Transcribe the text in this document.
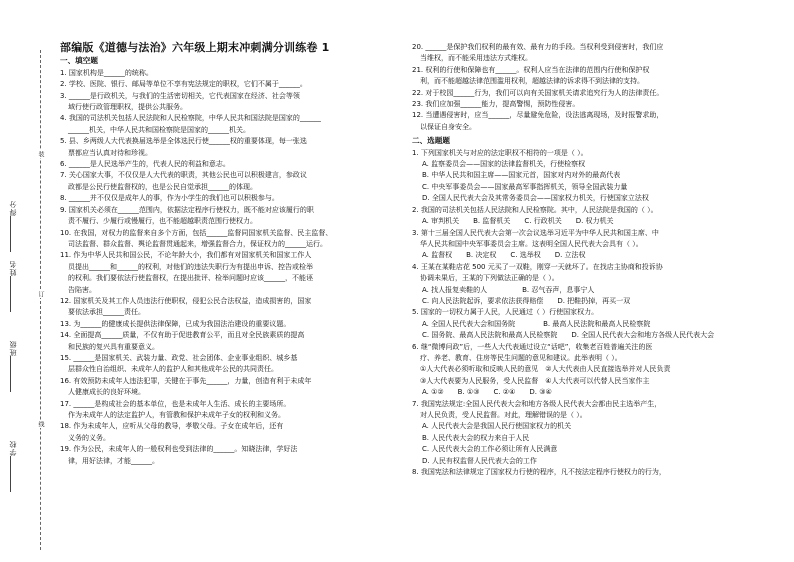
学校
班级
姓名
得分
装
订
线
部编版《道德与法治》六年级上期末冲刺满分训练卷 1
一、填空题
1. 国家机构是______的统称。
2. 学校、医院、银行、邮局等单位不享有宪法规定的职权，它们不属于______。
3. ______是行政机关，与我们的生活密切相关，它代表国家在经济、社会等领
域行使行政管理职权，提供公共服务。
4. 我国的司法机关包括人民法院和人民检察院，中华人民共和国法院是国家的______
______机关，中华人民共和国检察院是国家的______机关。
5. 县、乡两级人大代表换届选举是全体选民行使______权的重要体现，每一张选
票都应当认真对待和珍视。
6. ______是人民选举产生的，代表人民的利益和意志。
7. 关心国家大事，不仅仅是人大代表的职责，其他公民也可以积极建言，参政议
政都是公民行使监督权的，也是公民自觉承担______的体现。
8. ______并不仅仅是成年人的事，作为小学生的我们也可以积极参与。
9. 国家机关必须在______范围内，依据法定程序行使权力，既不能对应该履行的职
责不履行、少履行或慢履行，也不能超越职责范围行使权力。
10. 在我国，对权力的监督来自多个方面，包括______监督同国家机关监督、民主监督、
司法监督、群众监督、舆论监督贯通起来，增强监督合力，保证权力的______运行。
11. 作为中华人民共和国公民，不论年龄大小，我们都有对国家机关和国家工作人
员提出______和______的权利，对他们的违法失职行为有提出申诉、控告或检举
的权利。我们要依法行使监督权，在提出批评、检举问题时应该______，不能诬
告陷害。
12. 国家机关及其工作人员违法行使职权，侵犯公民合法权益，造成损害的，国家
要依法承担______责任。
13. 为______的健康成长提供法律保障，已成为我国法治建设的重要议题。
14. 全面提高______质量，不仅有助于促进教育公平，而且对全民族素质的提高
和民族的复兴具有重要意义。
15. ______是国家机关、武装力量、政党、社会团体、企业事业组织、城乡基
层群众性自治组织、未成年人的监护人和其他成年公民的共同责任。
16. 有效预防未成年人违法犯罪，关键在于事先______，力量，创造有利于未成年
人健康成长的良好环境。
17. ______是构成社会的基本单位，也是未成年人生活、成长的主要场所。
作为未成年人的法定监护人，有管教和保护未成年子女的权利和义务。
18. 作为未成年人，应听从父母的教导，孝敬父母。子女在成年后，还有
义务的义务。
19. 作为公民，未成年人的一般权利也受到法律的______。知晓法律，学好法
律，用好法律，才能______。
20. ______是保护我们权利的最有效、最有力的手段。当权利受到侵害时，我们应
当维权，而不能采用违法方式维权。
21. 权利的行使和保障也有______。权利人应当在法律的范围内行使和保护权
利，而不能超越法律范围滥用权利，超越法律的诉求得不到法律的支持。
22. 对于校园______行为，我们可以向有关国家机关请求追究行为人的法律责任。
23. 我们应加强______能力，提高警惕，预防性侵害。
12. 当遭遇侵害时，应当______，尽量避免危险，设法逃离现场，及时报警求助，
以保证自身安全。
二、选题题
1. 下列国家机关与对应的法定职权不相符的一项是（ ）。
A. 监察委员会——国家的法律监督机关，行使检察权
B. 中华人民共和国主席——国家元首，国家对内对外的最高代表
C. 中央军事委员会——国家最高军事指挥机关，领导全国武装力量
D. 全国人民代表大会及其常务委员会——国家权力机关，行使国家立法权
2. 我国的司法机关包括人民法院和人民检察院。其中，人民法院是我国的（ ）。
A. 审判机关　　B. 监督机关　　C. 行政机关　　D. 权力机关
3. 第十三届全国人民代表大会第一次会议选举习近平为中华人民共和国主席、中
华人民共和国中央军事委员会主席。这表明全国人民代表大会具有（ ）。
A. 监督权　　B. 决定权　　C. 选举权　　D. 立法权
4. 王某在某鞋店花 500 元买了一双鞋，刚穿一天就坏了。在找店主协商和投诉协
协调未果后，王某的下列做法正确的是（ ）。
A. 找人报复卖鞋的人　　　　　B. 忍气吞声，息事宁人
C. 向人民法院起诉，要求依法获得赔偿　　D. 把鞋扔掉，再买一双
5. 国家的一切权力属于人民，人民通过（ ）行使国家权力。
A. 全国人民代表大会和国务院　　　　B. 最高人民法院和最高人民检察院
C. 国务院、最高人民法院和最高人民检察院　　D. 全国人民代表大会和地方各级人民代表大会
6. 继“微博问政”后，一些人大代表通过设立“话吧”，收集老百姓普遍关注的医
疗、养老、教育、住房等民生问题的意见和建议。此举表明（ ）。
①人大代表必须听取和反映人民的意见　②人大代表由人民直接选举并对人民负责
③人大代表要为人民服务，受人民监督　④人大代表可以代替人民当家作主
A. ①②　　B. ①③　　C. ②④　　D. ③④
7. 我国宪法规定:全国人民代表大会和地方各级人民代表大会都由民主选举产生，
对人民负责，受人民监督。对此，理解错误的是（ ）。
A. 人民代表大会是我国人民行使国家权力的机关
B. 人民代表大会的权力来自于人民
C. 人民代表大会的工作必须让所有人民满意
D. 人民有权监督人民代表大会的工作
8. 我国宪法和法律规定了国家权力行使的程序，凡不按法定程序行使权力的行为，
